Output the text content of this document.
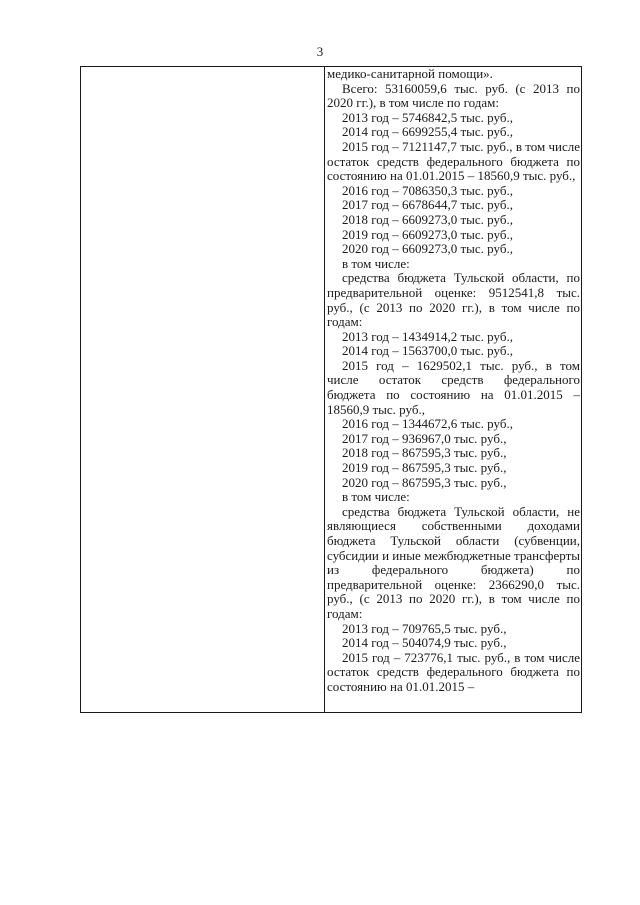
3

медико-санитарной помощи».

Всего: 53160059,6 тыс. руб. (с 2013 по 2020 гг.), в том числе по годам:

2013 год – 5746842,5 тыс. руб.,

2014 год – 6699255,4 тыс. руб.,

2015 год – 7121147,7 тыс. руб., в том числе остаток средств федерального бюджета по состоянию на 01.01.2015 – 18560,9 тыс. руб.,

2016 год – 7086350,3 тыс. руб.,

2017 год – 6678644,7 тыс. руб.,

2018 год – 6609273,0 тыс. руб.,

2019 год – 6609273,0 тыс. руб.,

2020 год – 6609273,0 тыс. руб.,

в том числе:

средства бюджета Тульской области, по предварительной оценке: 9512541,8 тыс. руб., (с 2013 по 2020 гг.), в том числе по годам:

2013 год – 1434914,2 тыс. руб.,

2014 год – 1563700,0 тыс. руб.,

2015 год – 1629502,1 тыс. руб., в том числе остаток средств федерального бюджета по состоянию на 01.01.2015 – 18560,9 тыс. руб.,

2016 год – 1344672,6 тыс. руб.,

2017 год – 936967,0 тыс. руб.,

2018 год – 867595,3 тыс. руб.,

2019 год – 867595,3 тыс. руб.,

2020 год – 867595,3 тыс. руб.,

в том числе:

средства бюджета Тульской области, не являющиеся собственными доходами бюджета Тульской области (субвенции, субсидии и иные межбюджетные трансферты из федерального бюджета) по предварительной оценке: 2366290,0 тыс. руб., (с 2013 по 2020 гг.), в том числе по годам:

2013 год – 709765,5 тыс. руб.,

2014 год – 504074,9 тыс. руб.,

2015 год – 723776,1 тыс. руб., в том числе остаток средств федерального бюджета по состоянию на 01.01.2015 –
